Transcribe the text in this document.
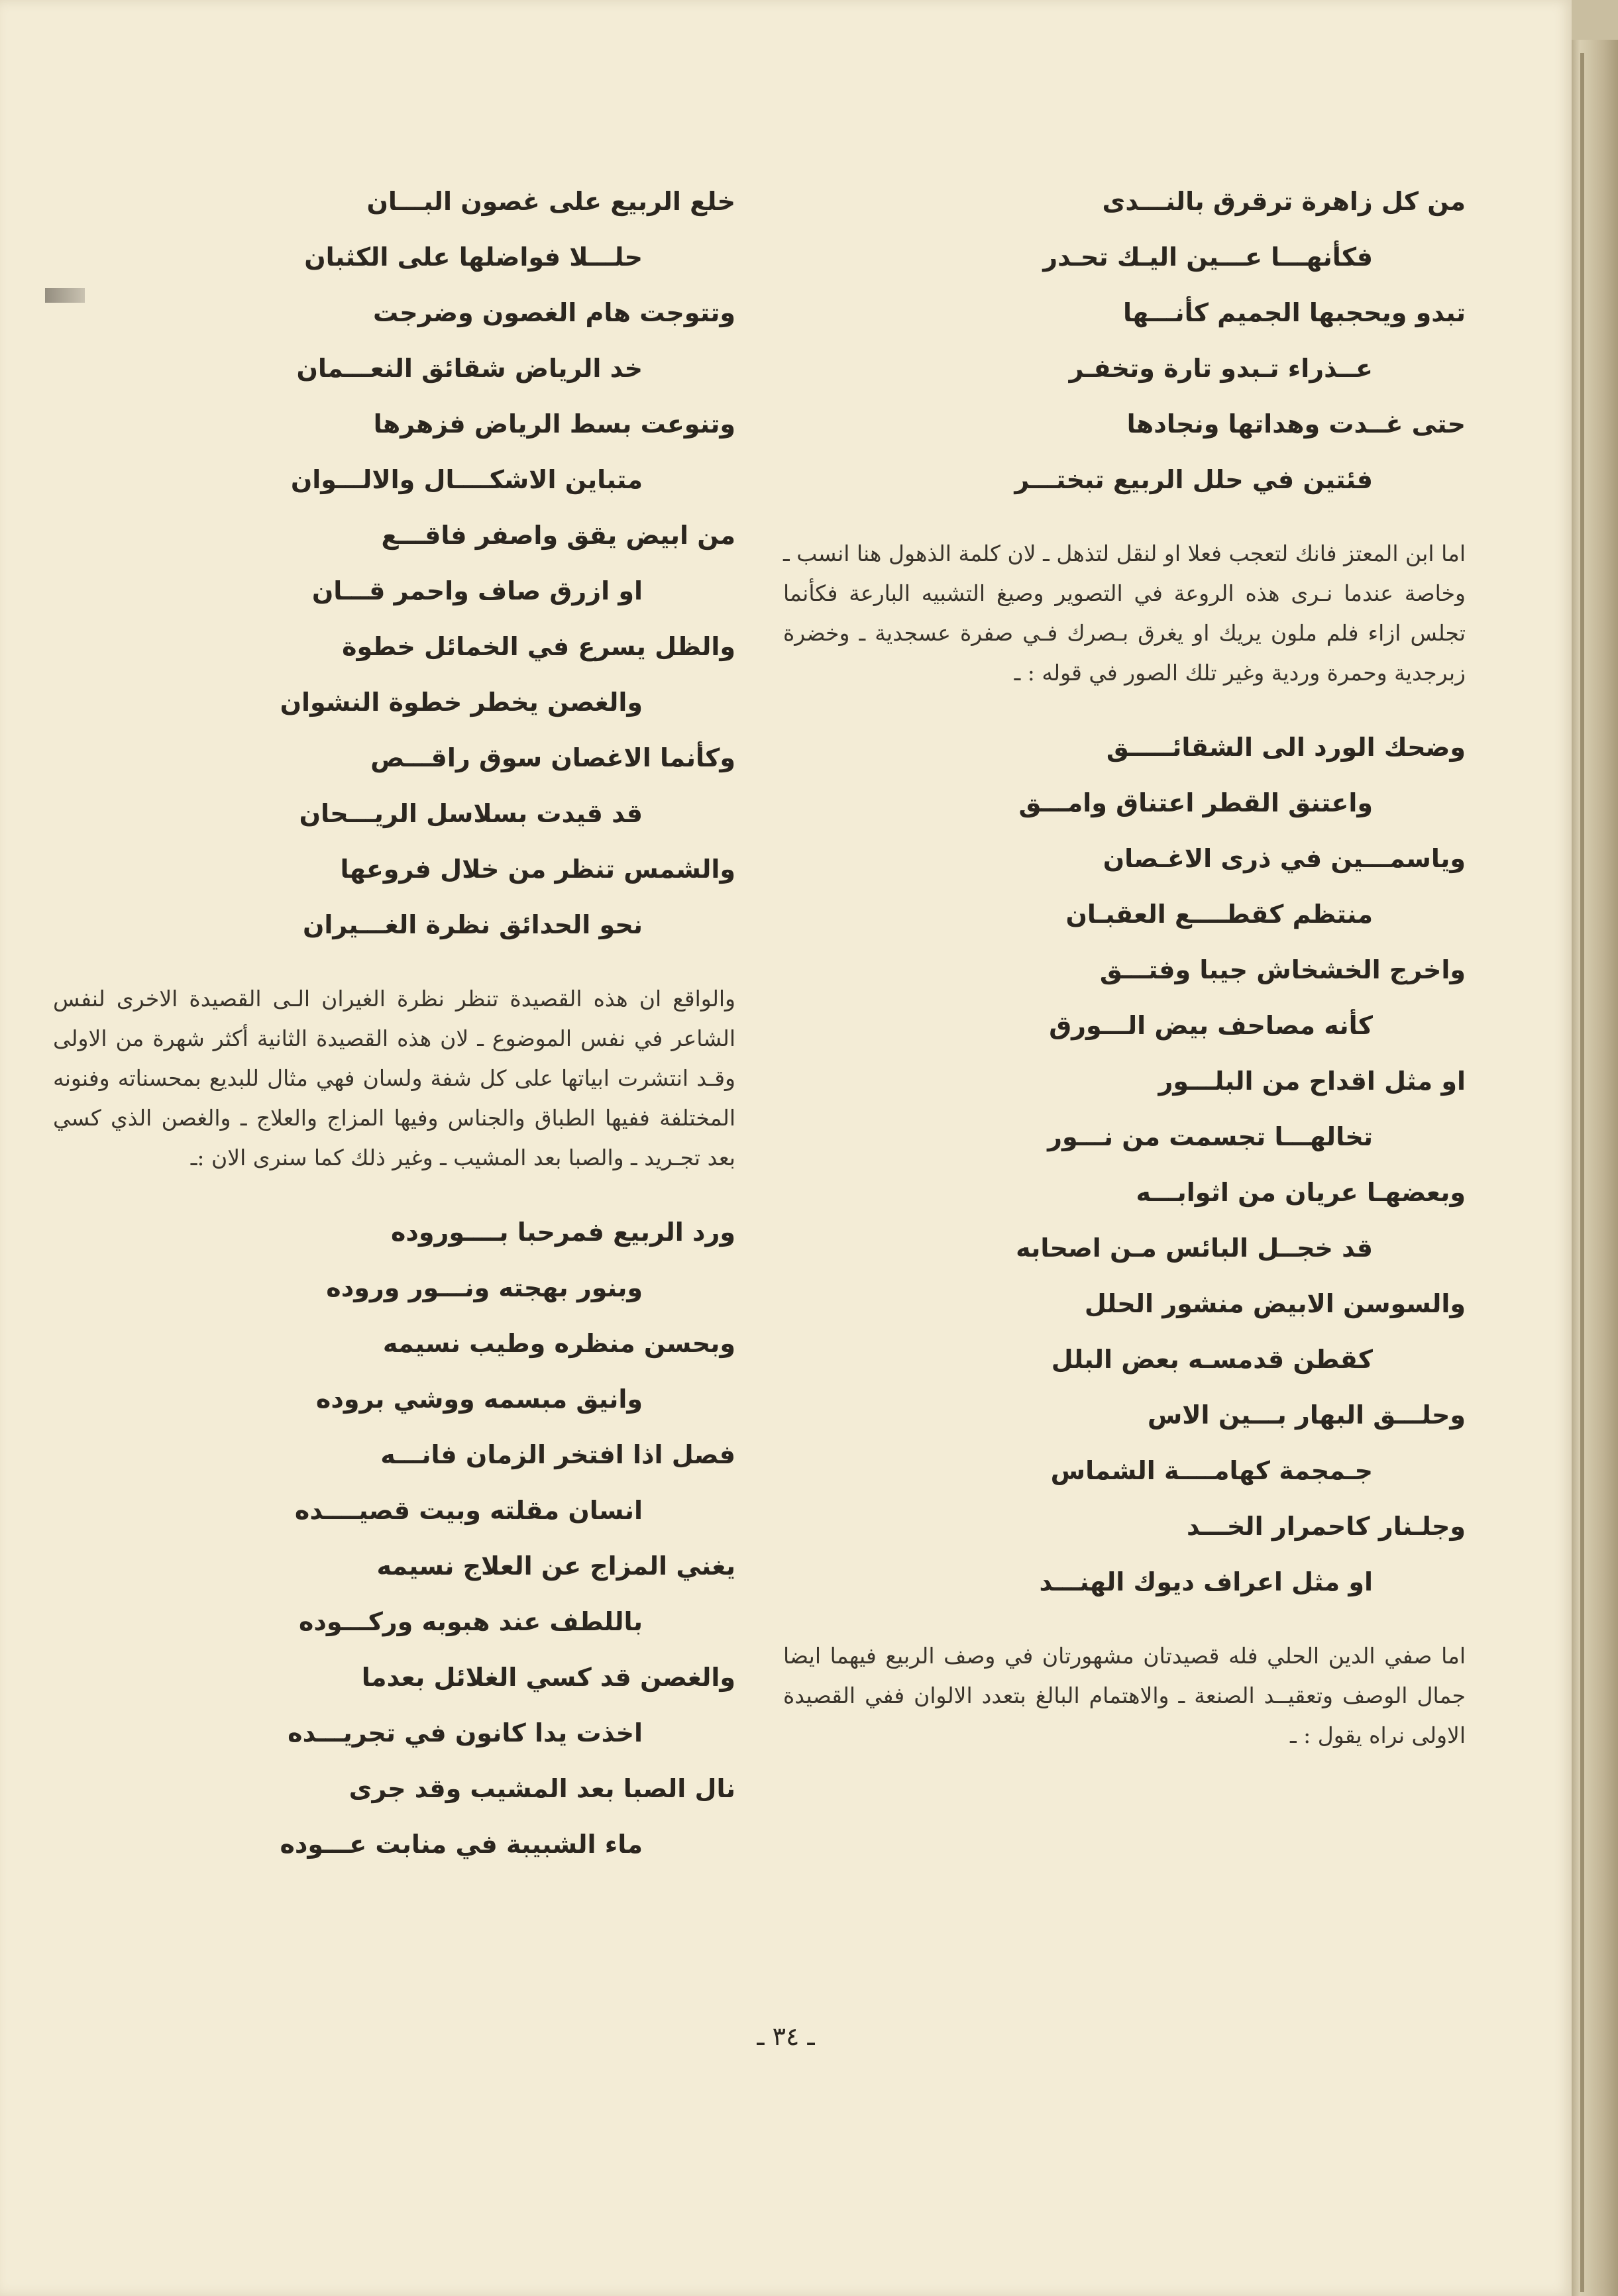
من كل زاهرة ترقرق بالنـــدى
فكأنهـــا عـــين اليـك تحـدر
تبدو ويحجبها الجميم كأنـــها
عــذراء تـبدو تارة وتخفـر
حتى غــدت وهداتها ونجادها
فئتين في حلل الربيع تبختـــر

اما ابن المعتز فانك لتعجب فعلا او لنقل لتذهل ـ لان كلمة الذهول هنا انسب ـ وخاصة عندما نـرى هذه الروعة في التصوير وصيغ التشبيه البارعة فكأنما تجلس ازاء فلم ملون يريك او يغرق بـصرك فـي صفرة عسجدية ـ وخضرة زبرجدية وحمرة وردية وغير تلك الصور في قوله : ـ

وضحك الورد الى الشقائـــــق
واعتنق القطر اعتناق وامـــق
وياسمـــين في ذرى الاغـصان
منتظم كقطــــع العقبـان
واخرج الخشخاش جيبا وفتـــق
كأنه مصاحف بيض الـــورق
او مثل اقداح من البلـــور
تخالهـــا تجسمت من نـــور
وبعضهـا عريان من اثوابـــه
قد خجــل البائس مـن اصحابه
والسوسن الابيض منشور الحلل
كقطن قدمسـه بعض البلل
وحلـــق البهار بـــين الاس
جـمجمة كهامــــة الشماس
وجلـنار كاحمرار الخـــد
او مثل اعراف ديوك الهنـــد

اما صفي الدين الحلي فله قصيدتان مشهورتان في وصف الربيع فيهما ايضا جمال الوصف وتعقيــد الصنعة ـ والاهتمام البالغ بتعدد الالوان ففي القصيدة الاولى نراه يقول : ـ

خلع الربيع على غصون البـــان
حلـــلا فواضلها على الكثبان
وتتوجت هام الغصون وضرجت
خد الرياض شقائق النعـــمان
وتنوعت بسط الرياض فزهرها
متباين الاشكــــال والالـــوان
من ابيض يقق واصفر فاقـــع
او ازرق صاف واحمر قـــان
والظل يسرع في الخمائل خطوة
والغصن يخطر خطوة النشوان
وكأنما الاغصان سوق راقـــص
قد قيدت بسلاسل الريـــحان
والشمس تنظر من خلال فروعها
نحو الحدائق نظرة الغـــيران

والواقع ان هذه القصيدة تنظر نظرة الغيران الـى القصيدة الاخرى لنفس الشاعر في نفس الموضوع ـ لان هذه القصيدة الثانية أكثر شهرة من الاولى وقـد انتشرت ابياتها على كل شفة ولسان فهي مثال للبديع بمحسناته وفنونه المختلفة ففيها الطباق والجناس وفيها المزاج والعلاج ـ والغصن الذي كسي بعد تجـريد ـ والصبا بعد المشيب ـ وغير ذلك كما سنرى الان :ـ

ورد الربيع فمرحبا بــــوروده
وبنور بهجته ونـــور وروده
وبحسن منظره وطيب نسيمه
وانيق مبسمه ووشي بروده
فصل اذا افتخر الزمان فانـــه
انسان مقلته وبيت قصيــــده
يغني المزاج عن العلاج نسيمه
باللطف عند هبوبه وركـــوده
والغصن قد كسي الغلائل بعدما
اخذت يدا كانون في تجريـــده
نال الصبا بعد المشيب وقد جرى
ماء الشبيبة في منابت عـــوده
ـ ٣٤ ـ
